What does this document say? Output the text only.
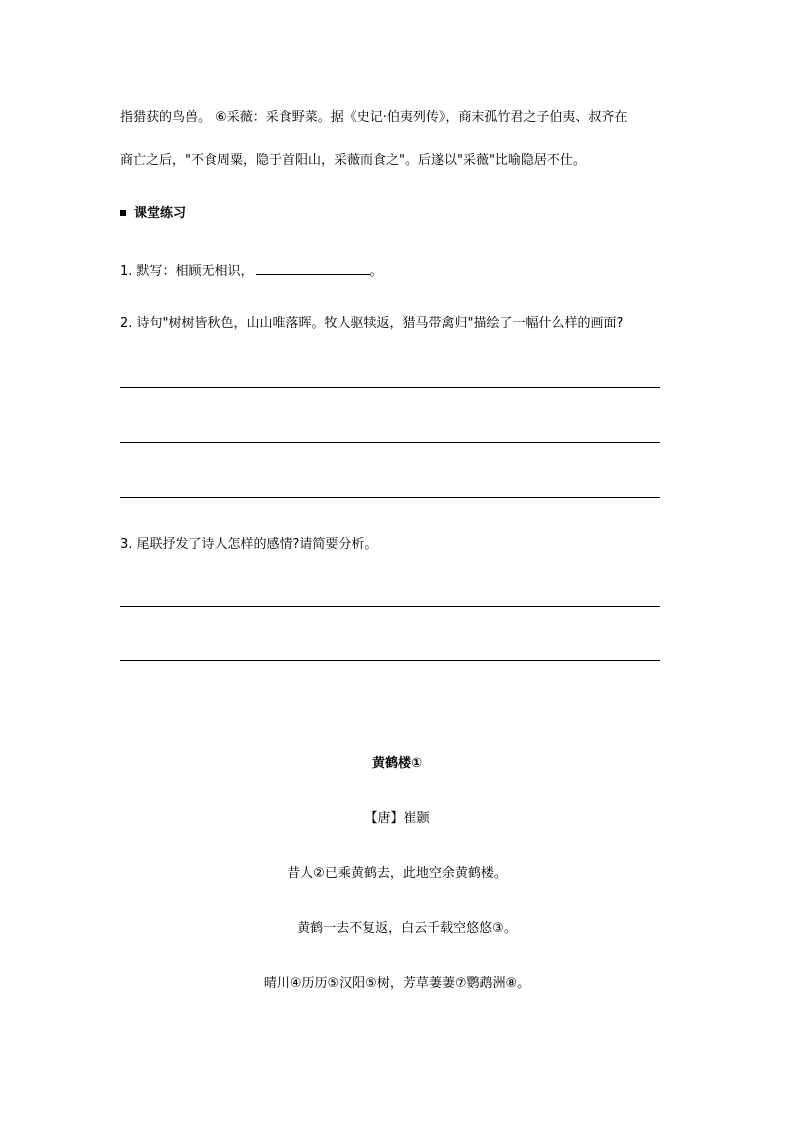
指猎获的鸟兽。 ⑥采薇：采食野菜。据《史记·伯夷列传》，商末孤竹君之子伯夷、叔齐在
商亡之后，"不食周粟，隐于首阳山，采薇而食之"。后遂以"采薇"比喻隐居不仕。
课堂练习
1. 默写：相顾无相识，	。
2. 诗句"树树皆秋色，山山唯落晖。牧人驱犊返，猎马带禽归"描绘了一幅什么样的画面?
3. 尾联抒发了诗人怎样的感情?请简要分析。
黄鹤楼①
【唐】崔颢
昔人②已乘黄鹤去，此地空余黄鹤楼。
黄鹤一去不复返，白云千载空悠悠③。
晴川④历历⑤汉阳⑤树，芳草萋萋⑦鹦鹉洲⑧。
